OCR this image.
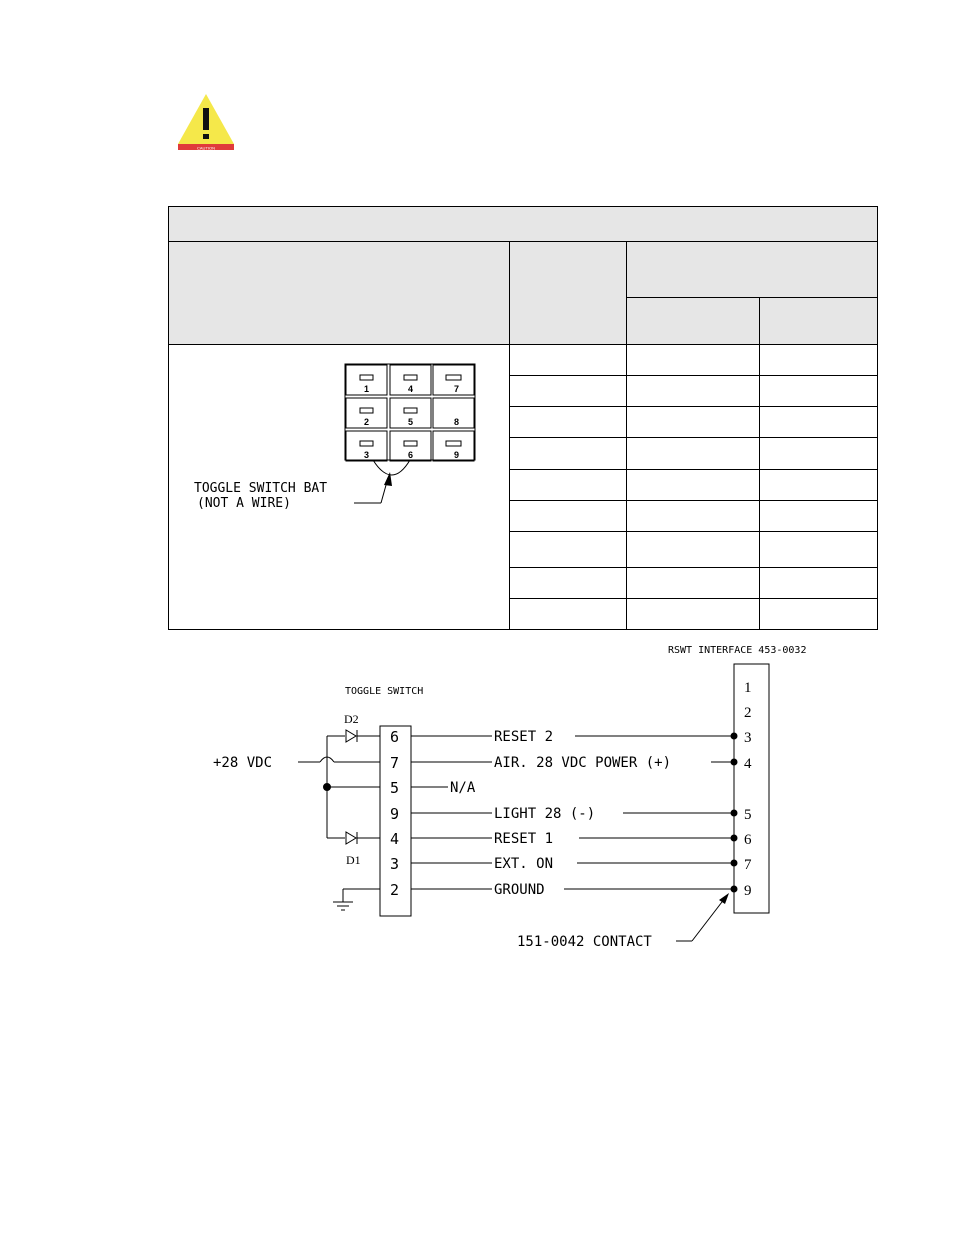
CAUTION

1	4	7
2	5	8
3	6	9
TOGGLE SWITCH BAT
(NOT A WIRE)
RSWT INTERFACE 453-0032
TOGGLE SWITCH
6
7
5
9
4
3
2
1
2
3
4
5
6
7
9
RESET 2
AIR. 28 VDC POWER (+)
N/A
LIGHT 28 (-)
RESET 1
EXT. ON
GROUND
D2
D1
+28 VDC
151-0042 CONTACT
